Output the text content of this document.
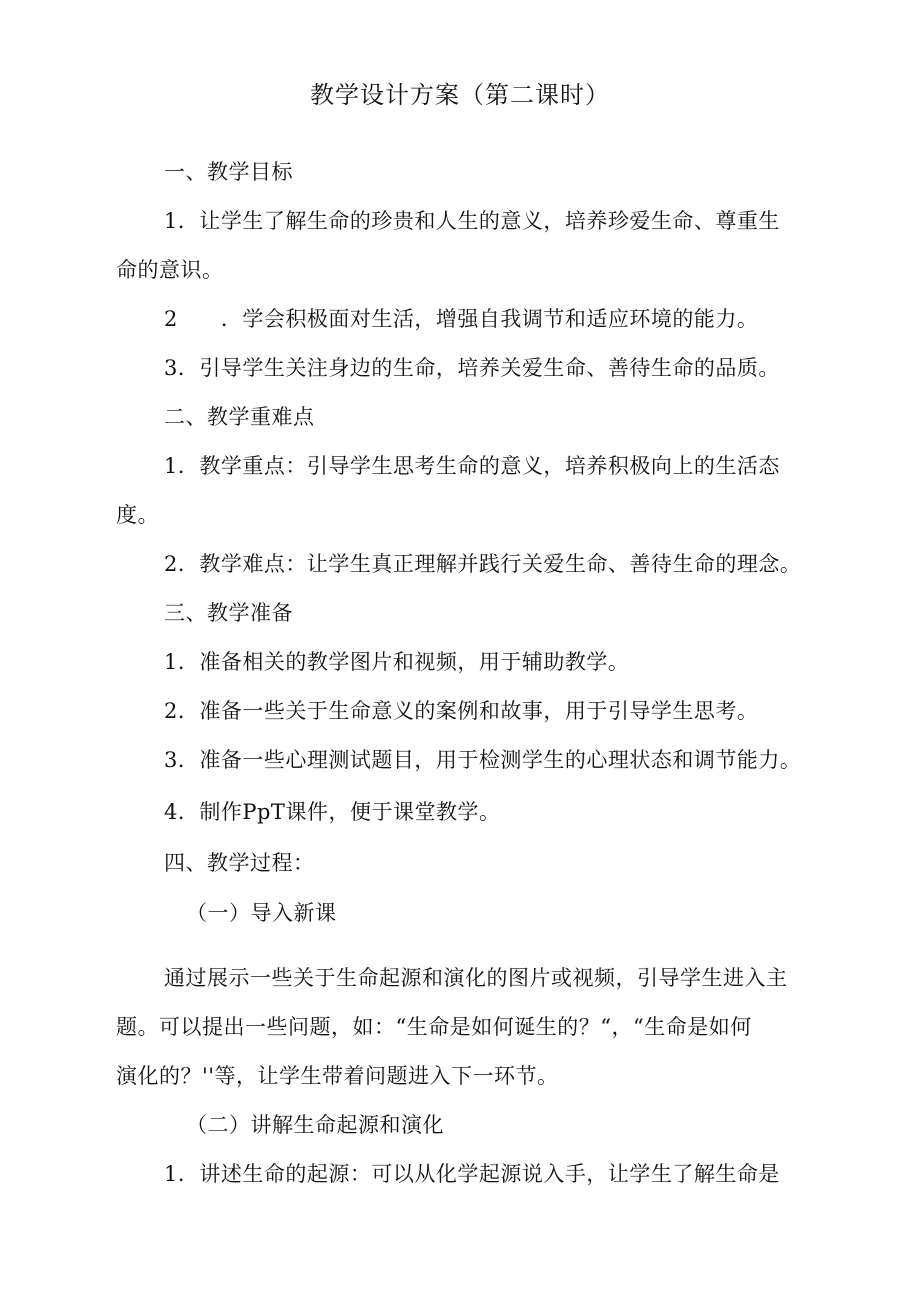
教学设计方案（第二课时）
一、教学目标
1．让学生了解生命的珍贵和人生的意义，培养珍爱生命、尊重生
命的意识。
2　　．学会积极面对生活，增强自我调节和适应环境的能力。
3．引导学生关注身边的生命，培养关爱生命、善待生命的品质。
二、教学重难点
1．教学重点：引导学生思考生命的意义，培养积极向上的生活态
度。
2．教学难点：让学生真正理解并践行关爱生命、善待生命的理念。
三、教学准备
1．准备相关的教学图片和视频，用于辅助教学。
2．准备一些关于生命意义的案例和故事，用于引导学生思考。
3．准备一些心理测试题目，用于检测学生的心理状态和调节能力。
4．制作PpT课件，便于课堂教学。
四、教学过程：
（一）导入新课
通过展示一些关于生命起源和演化的图片或视频，引导学生进入主
题。可以提出一些问题，如：“生命是如何诞生的？“，“生命是如何
演化的？''等，让学生带着问题进入下一环节。
（二）讲解生命起源和演化
1．讲述生命的起源：可以从化学起源说入手，让学生了解生命是
